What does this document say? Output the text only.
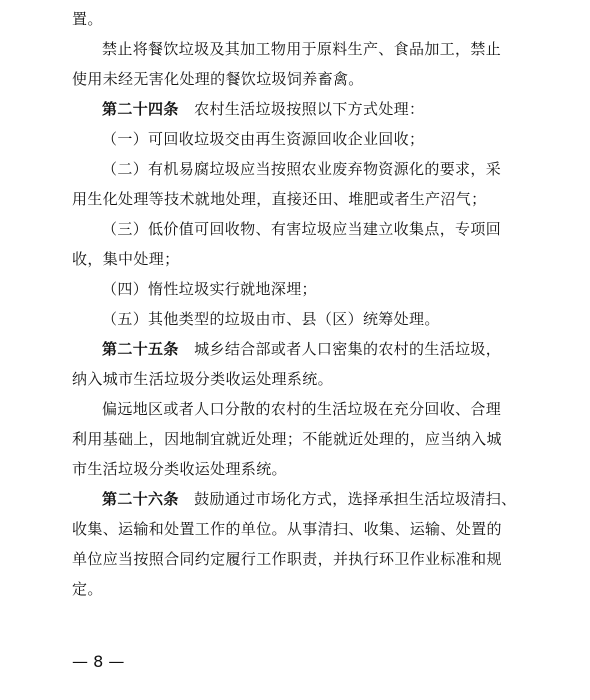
置。
禁止将餐饮垃圾及其加工物用于原料生产、食品加工，禁止
使用未经无害化处理的餐饮垃圾饲养畜禽。
第二十四条　农村生活垃圾按照以下方式处理：
（一）可回收垃圾交由再生资源回收企业回收；
（二）有机易腐垃圾应当按照农业废弃物资源化的要求，采
用生化处理等技术就地处理，直接还田、堆肥或者生产沼气；
（三）低价值可回收物、有害垃圾应当建立收集点，专项回
收，集中处理；
（四）惰性垃圾实行就地深埋；
（五）其他类型的垃圾由市、县（区）统筹处理。
第二十五条　城乡结合部或者人口密集的农村的生活垃圾，
纳入城市生活垃圾分类收运处理系统。
偏远地区或者人口分散的农村的生活垃圾在充分回收、合理
利用基础上，因地制宜就近处理；不能就近处理的，应当纳入城
市生活垃圾分类收运处理系统。
第二十六条　鼓励通过市场化方式，选择承担生活垃圾清扫、
收集、运输和处置工作的单位。从事清扫、收集、运输、处置的
单位应当按照合同约定履行工作职责，并执行环卫作业标准和规
定。
— 8 —
